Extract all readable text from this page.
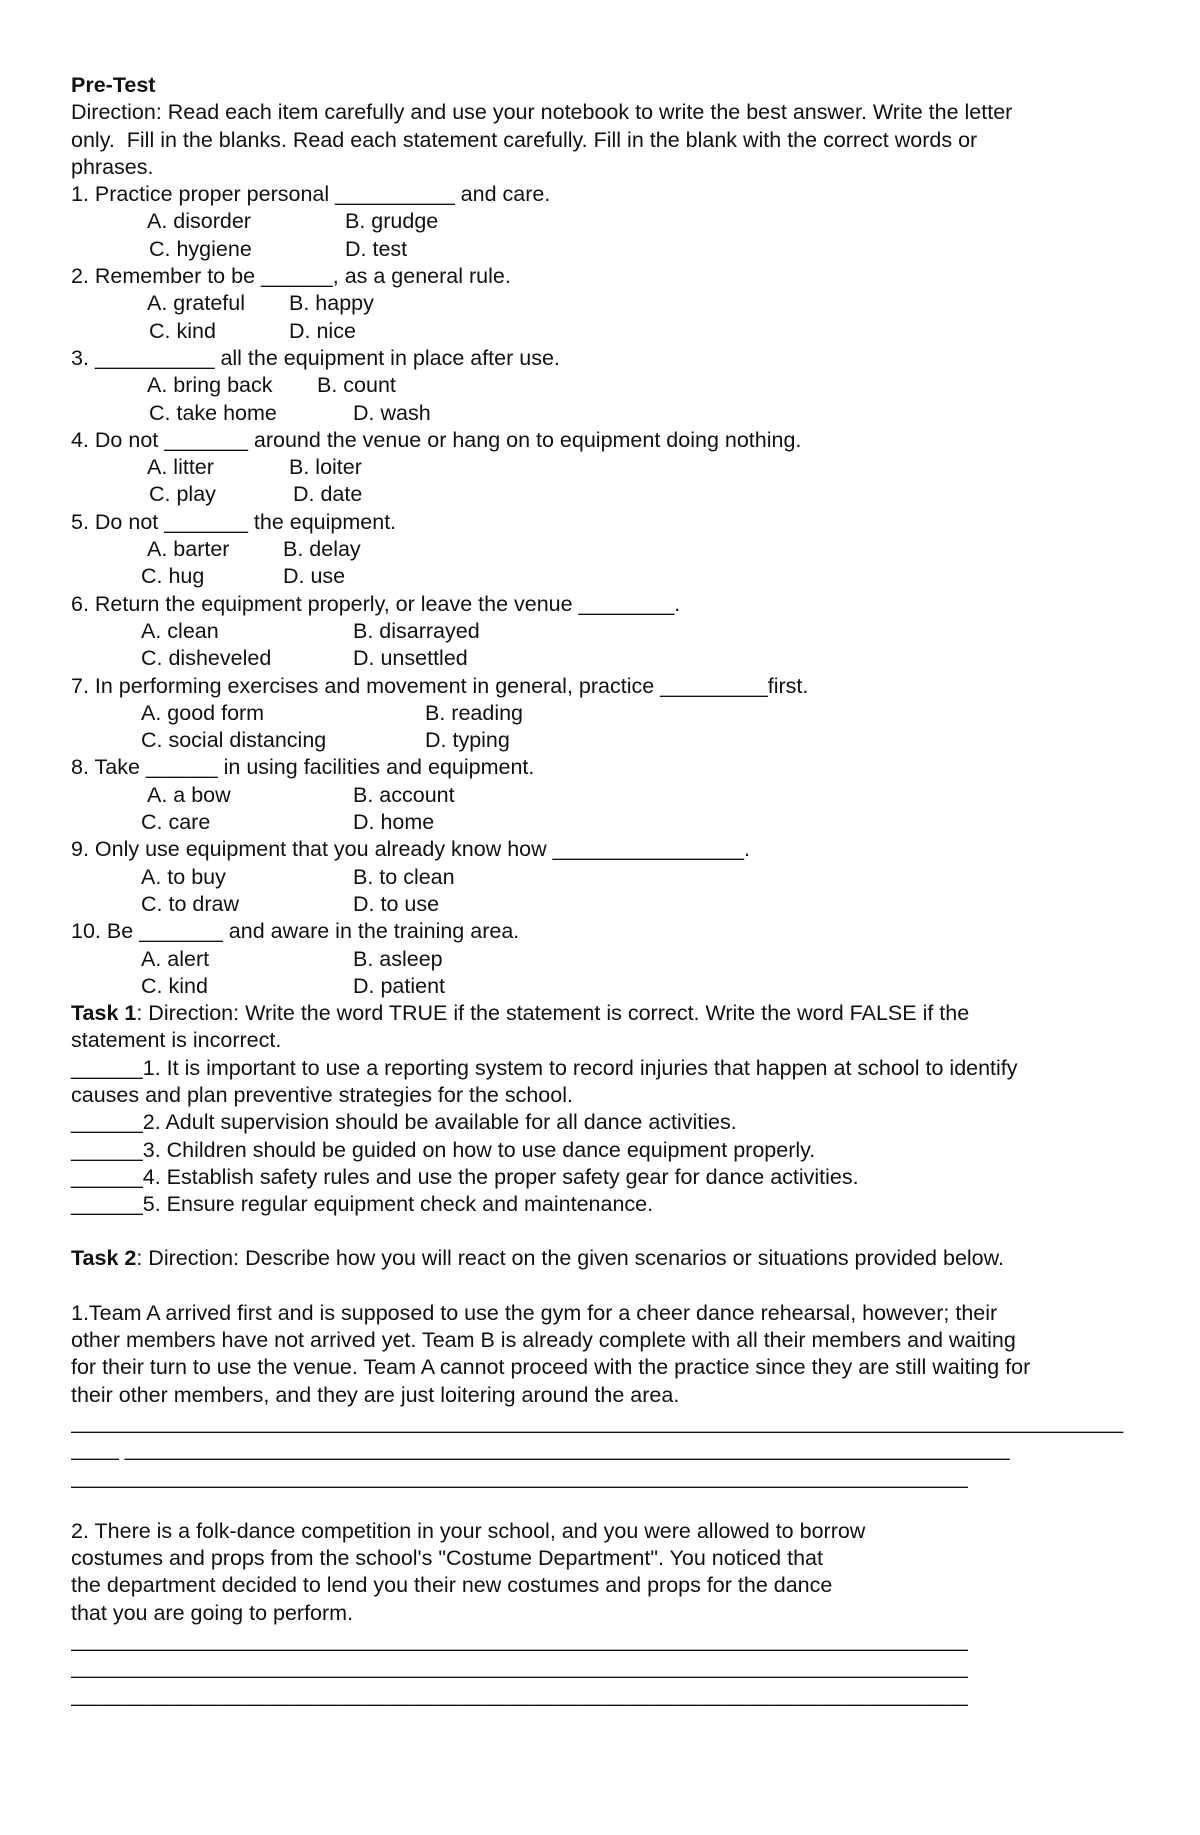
Pre-Test
Direction: Read each item carefully and use your notebook to write the best answer. Write the letter
only.  Fill in the blanks. Read each statement carefully. Fill in the blank with the correct words or
phrases.
1. Practice proper personal __________ and care.

A. disorder

	B. grudge

C. hygiene

	D. test

2. Remember to be ______, as a general rule.

A. grateful

B. happy

C. kind

	D. nice

3. __________ all the equipment in place after use.

A. bring back

B. count

C. take home

	D. wash

4. Do not _______ around the venue or hang on to equipment doing nothing.

A. litter

	B. loiter

C. play

	D. date

5. Do not _______ the equipment.

A. barter

B. delay

C. hug

	D. use

6. Return the equipment properly, or leave the venue ________.

A. clean

	B. disarrayed

C. disheveled

	D. unsettled

7. In performing exercises and movement in general, practice _________first.

A. good form

	B. reading

C. social distancing

	D. typing

8. Take ______ in using facilities and equipment.

A. a bow

	B. account

C. care

	D. home

9. Only use equipment that you already know how ________________.

A. to buy

	B. to clean

C. to draw

	D. to use

10. Be _______ and aware in the training area.

A. alert

	B. asleep

C. kind

	D. patient

Task 1: Direction: Write the word TRUE if the statement is correct. Write the word FALSE if the
statement is incorrect.
______1. It is important to use a reporting system to record injuries that happen at school to identify
causes and plan preventive strategies for the school.
______2. Adult supervision should be available for all dance activities.
______3. Children should be guided on how to use dance equipment properly.
______4. Establish safety rules and use the proper safety gear for dance activities.
______5. Ensure regular equipment check and maintenance.
Task 2: Direction: Describe how you will react on the given scenarios or situations provided below.
1.Team A arrived first and is supposed to use the gym for a cheer dance rehearsal, however; their
other members have not arrived yet. Team B is already complete with all their members and waiting
for their turn to use the venue. Team A cannot proceed with the practice since they are still waiting for
their other members, and they are just loitering around the area.
________________________________________________________________________________________
____ __________________________________________________________________________
___________________________________________________________________________
2. There is a folk-dance competition in your school, and you were allowed to borrow
costumes and props from the school's "Costume Department". You noticed that
the department decided to lend you their new costumes and props for the dance
that you are going to perform.
___________________________________________________________________________
___________________________________________________________________________
___________________________________________________________________________
